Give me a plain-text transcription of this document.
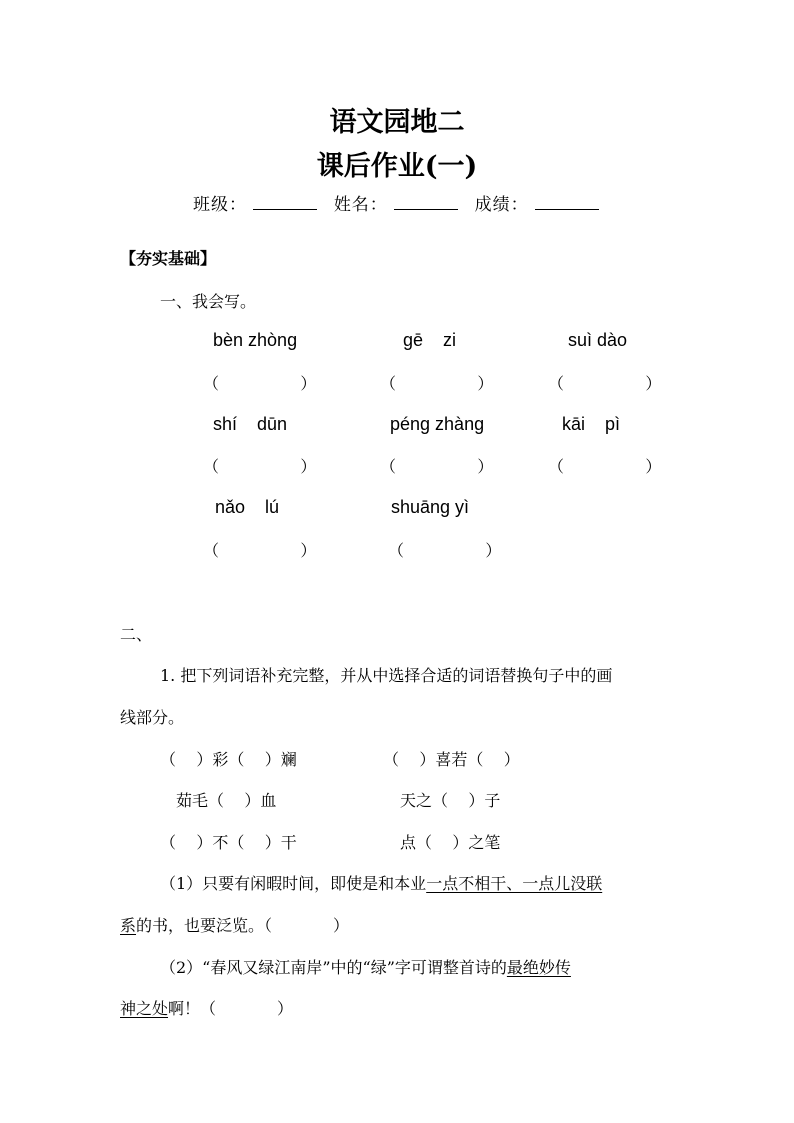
语文园地二
课后作业(一)
班级：	姓名：	成绩：
【夯实基础】
一、我会写。
bèn zhòng	gē    zi	suì dào
（                ）	（                ）	（                ）
shí    dūn	péng zhàng	kāi    pì
（                ）	（                ）	（                ）
nǎo    lú	shuāng yì
（                ）	（                ）
二、
1. 把下列词语补充完整，并从中选择合适的词语替换句子中的画
线部分。
（    ）彩（    ）斓	（    ）喜若（    ）
茹毛（    ）血	天之（    ）子
（    ）不（    ）干	点（    ）之笔
（1）只要有闲暇时间，即使是和本业一点不相干、一点儿没联
系的书，也要泛览。（            ）
（2）“春风又绿江南岸”中的“绿”字可谓整首诗的最绝妙传
神之处啊！（            ）
